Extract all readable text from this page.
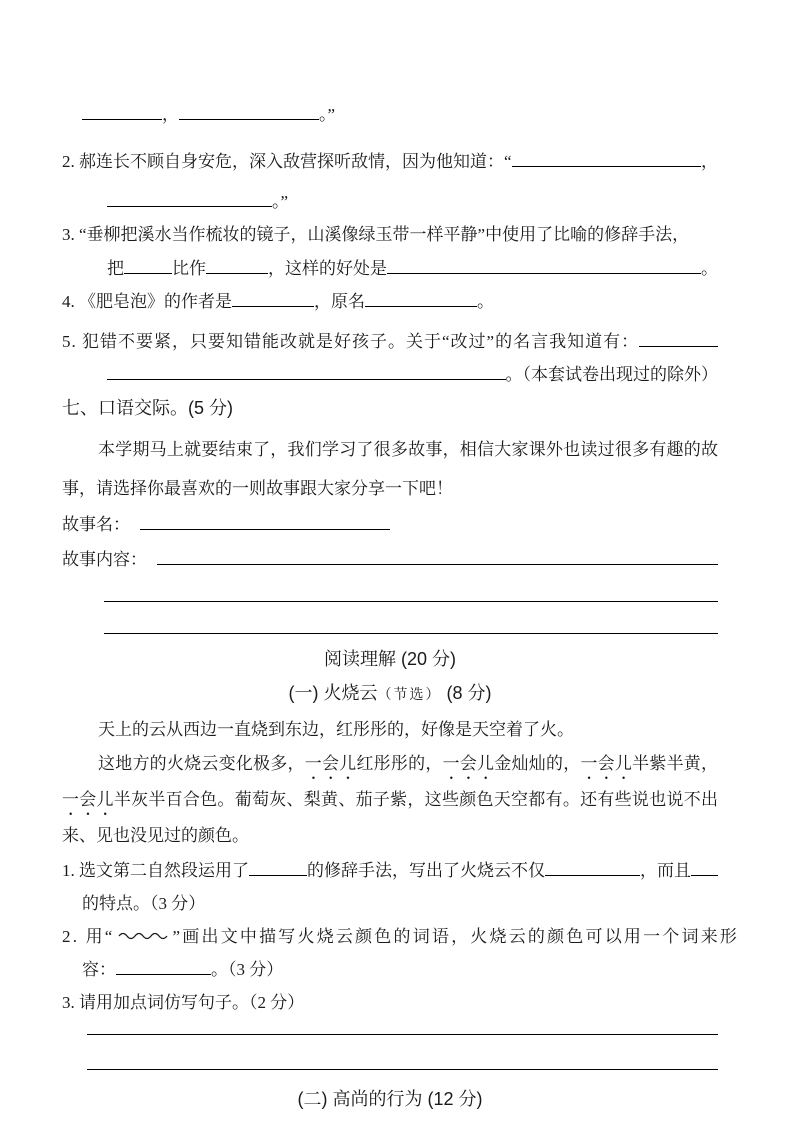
，	。”
2. 郝连长不顾自身安危，深入敌营探听敌情，因为他知道：“	，
。”
3. “垂柳把溪水当作梳妆的镜子，山溪像绿玉带一样平静”中使用了比喻的修辞手法，
把	比作	，这样的好处是	。
4. 《肥皂泡》的作者是	，原名	。
5. 犯错不要紧，只要知错能改就是好孩子。关于“改过”的名言我知道有：
。（本套试卷出现过的除外）
七、口语交际。(5 分)

本学期马上就要结束了，我们学习了很多故事，相信大家课外也读过很多有趣的故事，请选择你最喜欢的一则故事跟大家分享一下吧！

故事名：
故事内容：
阅读理解 (20 分)
(一) 火烧云（节选） (8 分)

天上的云从西边一直烧到东边，红彤彤的，好像是天空着了火。

这地方的火烧云变化极多，一会儿红彤彤的，一会儿金灿灿的，一会儿半紫半黄，一会儿半灰半百合色。葡萄灰、梨黄、茄子紫，这些颜色天空都有。还有些说也说不出来、见也没见过的颜色。

1. 选文第二自然段运用了	的修辞手法，写出了火烧云不仅	，而且
的特点。（3 分）
2. 用“	”画出文中描写火烧云颜色的词语，火烧云的颜色可以用一个词来形
容：	。（3 分）
3. 请用加点词仿写句子。（2 分）
(二) 高尚的行为 (12 分)
